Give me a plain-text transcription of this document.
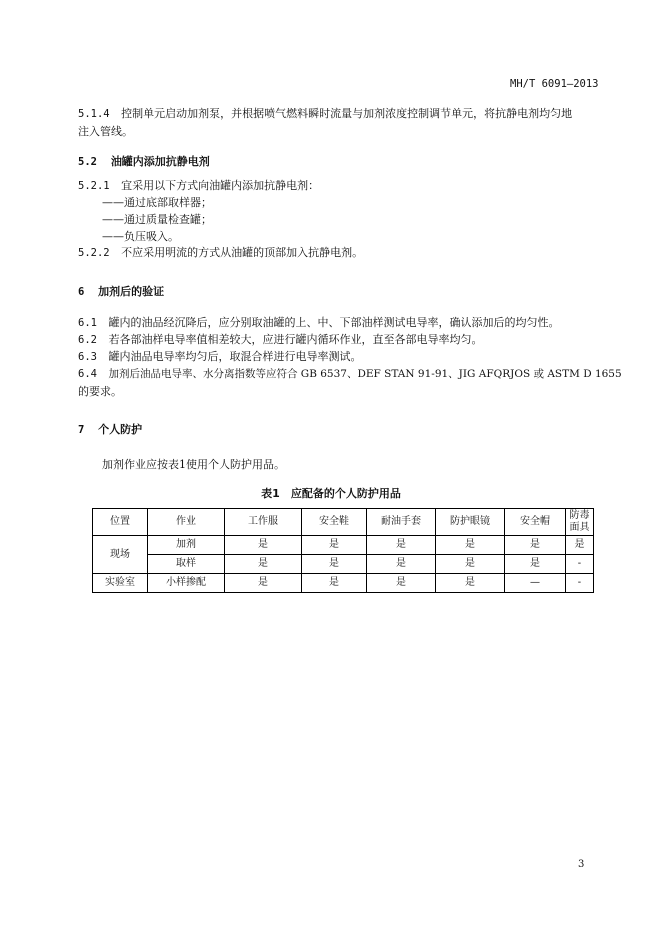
MH/T 6091—2013
5.1.4 控制单元启动加剂泵，并根据喷气燃料瞬时流量与加剂浓度控制调节单元，将抗静电剂均匀地
注入管线。
5.2 油罐内添加抗静电剂
5.2.1 宜采用以下方式向油罐内添加抗静电剂：
——通过底部取样器；
——通过质量检查罐；
——负压吸入。
5.2.2 不应采用明流的方式从油罐的顶部加入抗静电剂。
6 加剂后的验证
6.1 罐内的油品经沉降后，应分别取油罐的上、中、下部油样测试电导率，确认添加后的均匀性。
6.2 若各部油样电导率值相差较大，应进行罐内循环作业，直至各部电导率均匀。
6.3 罐内油品电导率均匀后，取混合样进行电导率测试。
6.4 加剂后油品电导率、水分离指数等应符合 GB 6537、DEF STAN 91-91、JIG AFQRJOS 或 ASTM D 1655
的要求。
7 个人防护
加剂作业应按表1使用个人防护用品。
表1　应配备的个人防护用品
位置	作业	工作服	安全鞋	耐油手套	防护眼镜	安全帽	防毒面具
现场	加剂	是	是	是	是	是	是
	取样	是	是	是	是	是	-
实验室	小样掺配	是	是	是	是	—	-
3
